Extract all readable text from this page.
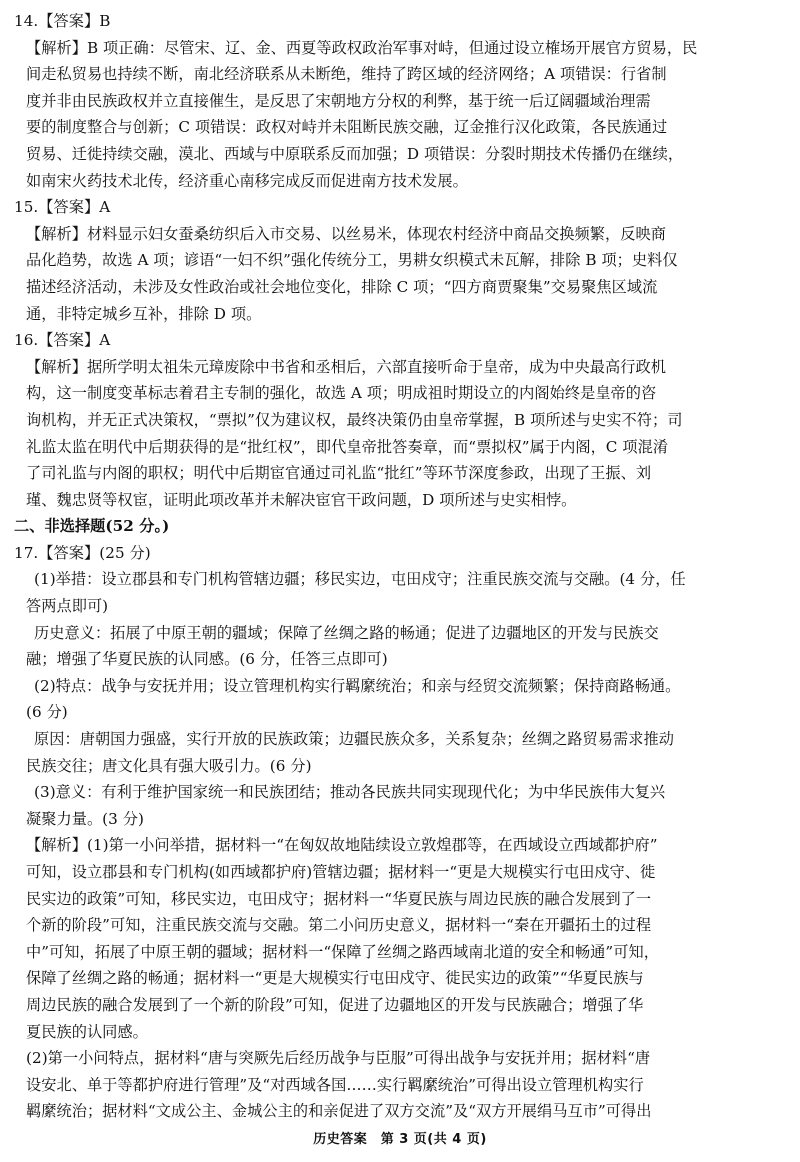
14.【答案】B
【解析】B 项正确：尽管宋、辽、金、西夏等政权政治军事对峙，但通过设立榷场开展官方贸易，民
间走私贸易也持续不断，南北经济联系从未断绝，维持了跨区域的经济网络；A 项错误：行省制
度并非由民族政权并立直接催生，是反思了宋朝地方分权的利弊，基于统一后辽阔疆域治理需
要的制度整合与创新；C 项错误：政权对峙并未阻断民族交融，辽金推行汉化政策，各民族通过
贸易、迁徙持续交融，漠北、西域与中原联系反而加强；D 项错误：分裂时期技术传播仍在继续，
如南宋火药技术北传，经济重心南移完成反而促进南方技术发展。
15.【答案】A
【解析】材料显示妇女蚕桑纺织后入市交易、以丝易米，体现农村经济中商品交换频繁，反映商
品化趋势，故选 A 项；谚语“一妇不织”强化传统分工，男耕女织模式未瓦解，排除 B 项；史料仅
描述经济活动，未涉及女性政治或社会地位变化，排除 C 项；“四方商贾聚集”交易聚焦区域流
通，非特定城乡互补，排除 D 项。
16.【答案】A
【解析】据所学明太祖朱元璋废除中书省和丞相后，六部直接听命于皇帝，成为中央最高行政机
构，这一制度变革标志着君主专制的强化，故选 A 项；明成祖时期设立的内阁始终是皇帝的咨
询机构，并无正式决策权，“票拟”仅为建议权，最终决策仍由皇帝掌握，B 项所述与史实不符；司
礼监太监在明代中后期获得的是“批红权”，即代皇帝批答奏章，而“票拟权”属于内阁，C 项混淆
了司礼监与内阁的职权；明代中后期宦官通过司礼监“批红”等环节深度参政，出现了王振、刘
瑾、魏忠贤等权宦，证明此项改革并未解决宦官干政问题，D 项所述与史实相悖。
二、非选择题(52 分。)
17.【答案】(25 分)
(1)举措：设立郡县和专门机构管辖边疆；移民实边，屯田戍守；注重民族交流与交融。(4 分，任
答两点即可)
历史意义：拓展了中原王朝的疆域；保障了丝绸之路的畅通；促进了边疆地区的开发与民族交
融；增强了华夏民族的认同感。(6 分，任答三点即可)
(2)特点：战争与安抚并用；设立管理机构实行羁縻统治；和亲与经贸交流频繁；保持商路畅通。
(6 分)
原因：唐朝国力强盛，实行开放的民族政策；边疆民族众多，关系复杂；丝绸之路贸易需求推动
民族交往；唐文化具有强大吸引力。(6 分)
(3)意义：有利于维护国家统一和民族团结；推动各民族共同实现现代化；为中华民族伟大复兴
凝聚力量。(3 分)
【解析】(1)第一小问举措，据材料一“在匈奴故地陆续设立敦煌郡等，在西域设立西域都护府”
可知，设立郡县和专门机构(如西域都护府)管辖边疆；据材料一“更是大规模实行屯田戍守、徙
民实边的政策”可知，移民实边，屯田戍守；据材料一“华夏民族与周边民族的融合发展到了一
个新的阶段”可知，注重民族交流与交融。第二小问历史意义，据材料一“秦在开疆拓土的过程
中”可知，拓展了中原王朝的疆域；据材料一“保障了丝绸之路西域南北道的安全和畅通”可知，
保障了丝绸之路的畅通；据材料一“更是大规模实行屯田戍守、徙民实边的政策”“华夏民族与
周边民族的融合发展到了一个新的阶段”可知，促进了边疆地区的开发与民族融合；增强了华
夏民族的认同感。
(2)第一小问特点，据材料“唐与突厥先后经历战争与臣服”可得出战争与安抚并用；据材料“唐
设安北、单于等都护府进行管理”及“对西域各国……实行羁縻统治”可得出设立管理机构实行
羁縻统治；据材料“文成公主、金城公主的和亲促进了双方交流”及“双方开展绢马互市”可得出
历史答案　第 3 页(共 4 页)
